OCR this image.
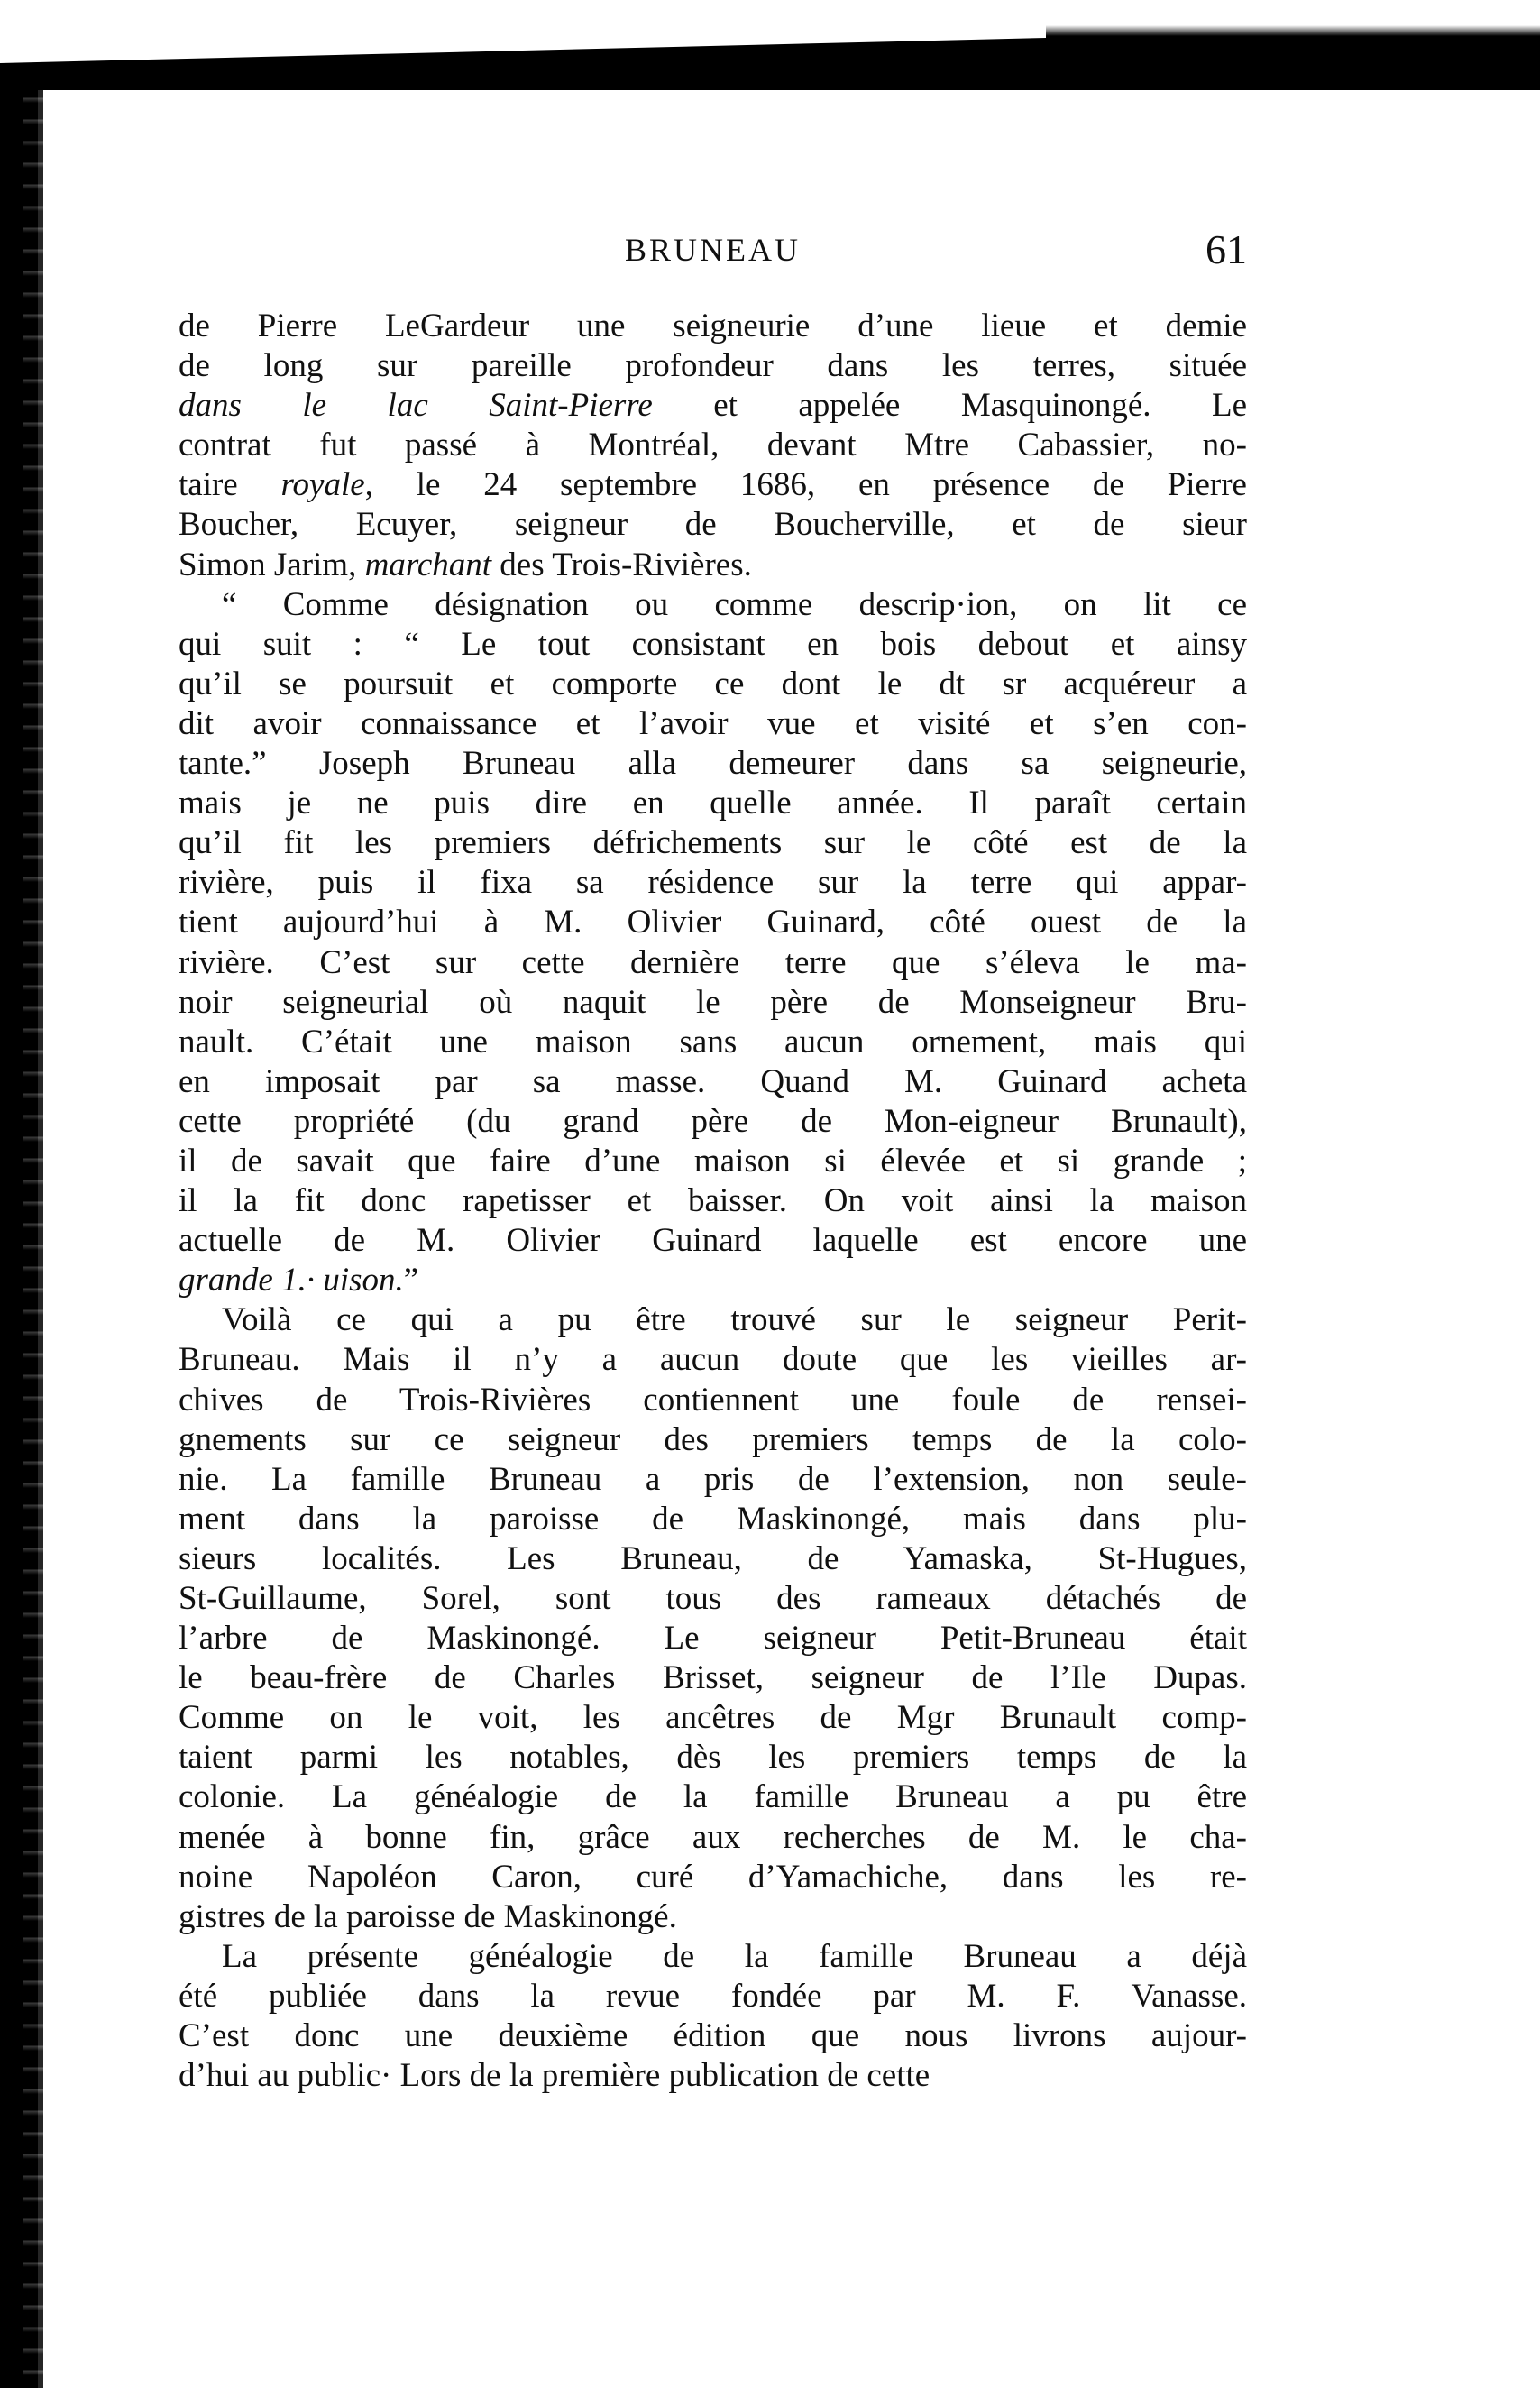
BRUNEAU	61
de Pierre LeGardeur une seigneurie d’une lieue et demie
de long sur pareille profondeur dans les terres, située
dans le lac Saint-Pierre et appelée Masquinongé. Le
contrat fut passé à Montréal, devant Mtre Cabassier, no-
taire royale, le 24 septembre 1686, en présence de Pierre
Boucher, Ecuyer, seigneur de Boucherville, et de sieur
Simon Jarim, marchant des Trois-Rivières.
“ Comme désignation ou comme descrip·ion, on lit ce
qui suit : “ Le tout consistant en bois debout et ainsy
qu’il se poursuit et comporte ce dont le dt sr acquéreur a
dit avoir connaissance et l’avoir vue et visité et s’en con-
tante.” Joseph Bruneau alla demeurer dans sa seigneurie,
mais je ne puis dire en quelle année. Il paraît certain
qu’il fit les premiers défrichements sur le côté est de la
rivière, puis il fixa sa résidence sur la terre qui appar-
tient aujourd’hui à M. Olivier Guinard, côté ouest de la
rivière. C’est sur cette dernière terre que s’éleva le ma-
noir seigneurial où naquit le père de Monseigneur Bru-
nault. C’était une maison sans aucun ornement, mais qui
en imposait par sa masse. Quand M. Guinard acheta
cette propriété (du grand père de Mon-eigneur Brunault),
il de savait que faire d’une maison si élevée et si grande ;
il la fit donc rapetisser et baisser. On voit ainsi la maison
actuelle de M. Olivier Guinard laquelle est encore une
grande 1.· uison.”
Voilà ce qui a pu être trouvé sur le seigneur Perit-
Bruneau. Mais il n’y a aucun doute que les vieilles ar-
chives de Trois-Rivières contiennent une foule de rensei-
gnements sur ce seigneur des premiers temps de la colo-
nie. La famille Bruneau a pris de l’extension, non seule-
ment dans la paroisse de Maskinongé, mais dans plu-
sieurs localités. Les Bruneau, de Yamaska, St-Hugues,
St-Guillaume, Sorel, sont tous des rameaux détachés de
l’arbre de Maskinongé. Le seigneur Petit-Bruneau était
le beau-frère de Charles Brisset, seigneur de l’Ile Dupas.
Comme on le voit, les ancêtres de Mgr Brunault comp-
taient parmi les notables, dès les premiers temps de la
colonie. La généalogie de la famille Bruneau a pu être
menée à bonne fin, grâce aux recherches de M. le cha-
noine Napoléon Caron, curé d’Yamachiche, dans les re-
gistres de la paroisse de Maskinongé.
La présente généalogie de la famille Bruneau a déjà
été publiée dans la revue fondée par M. F. Vanasse.
C’est donc une deuxième édition que nous livrons aujour-
d’hui au public· Lors de la première publication de cette
